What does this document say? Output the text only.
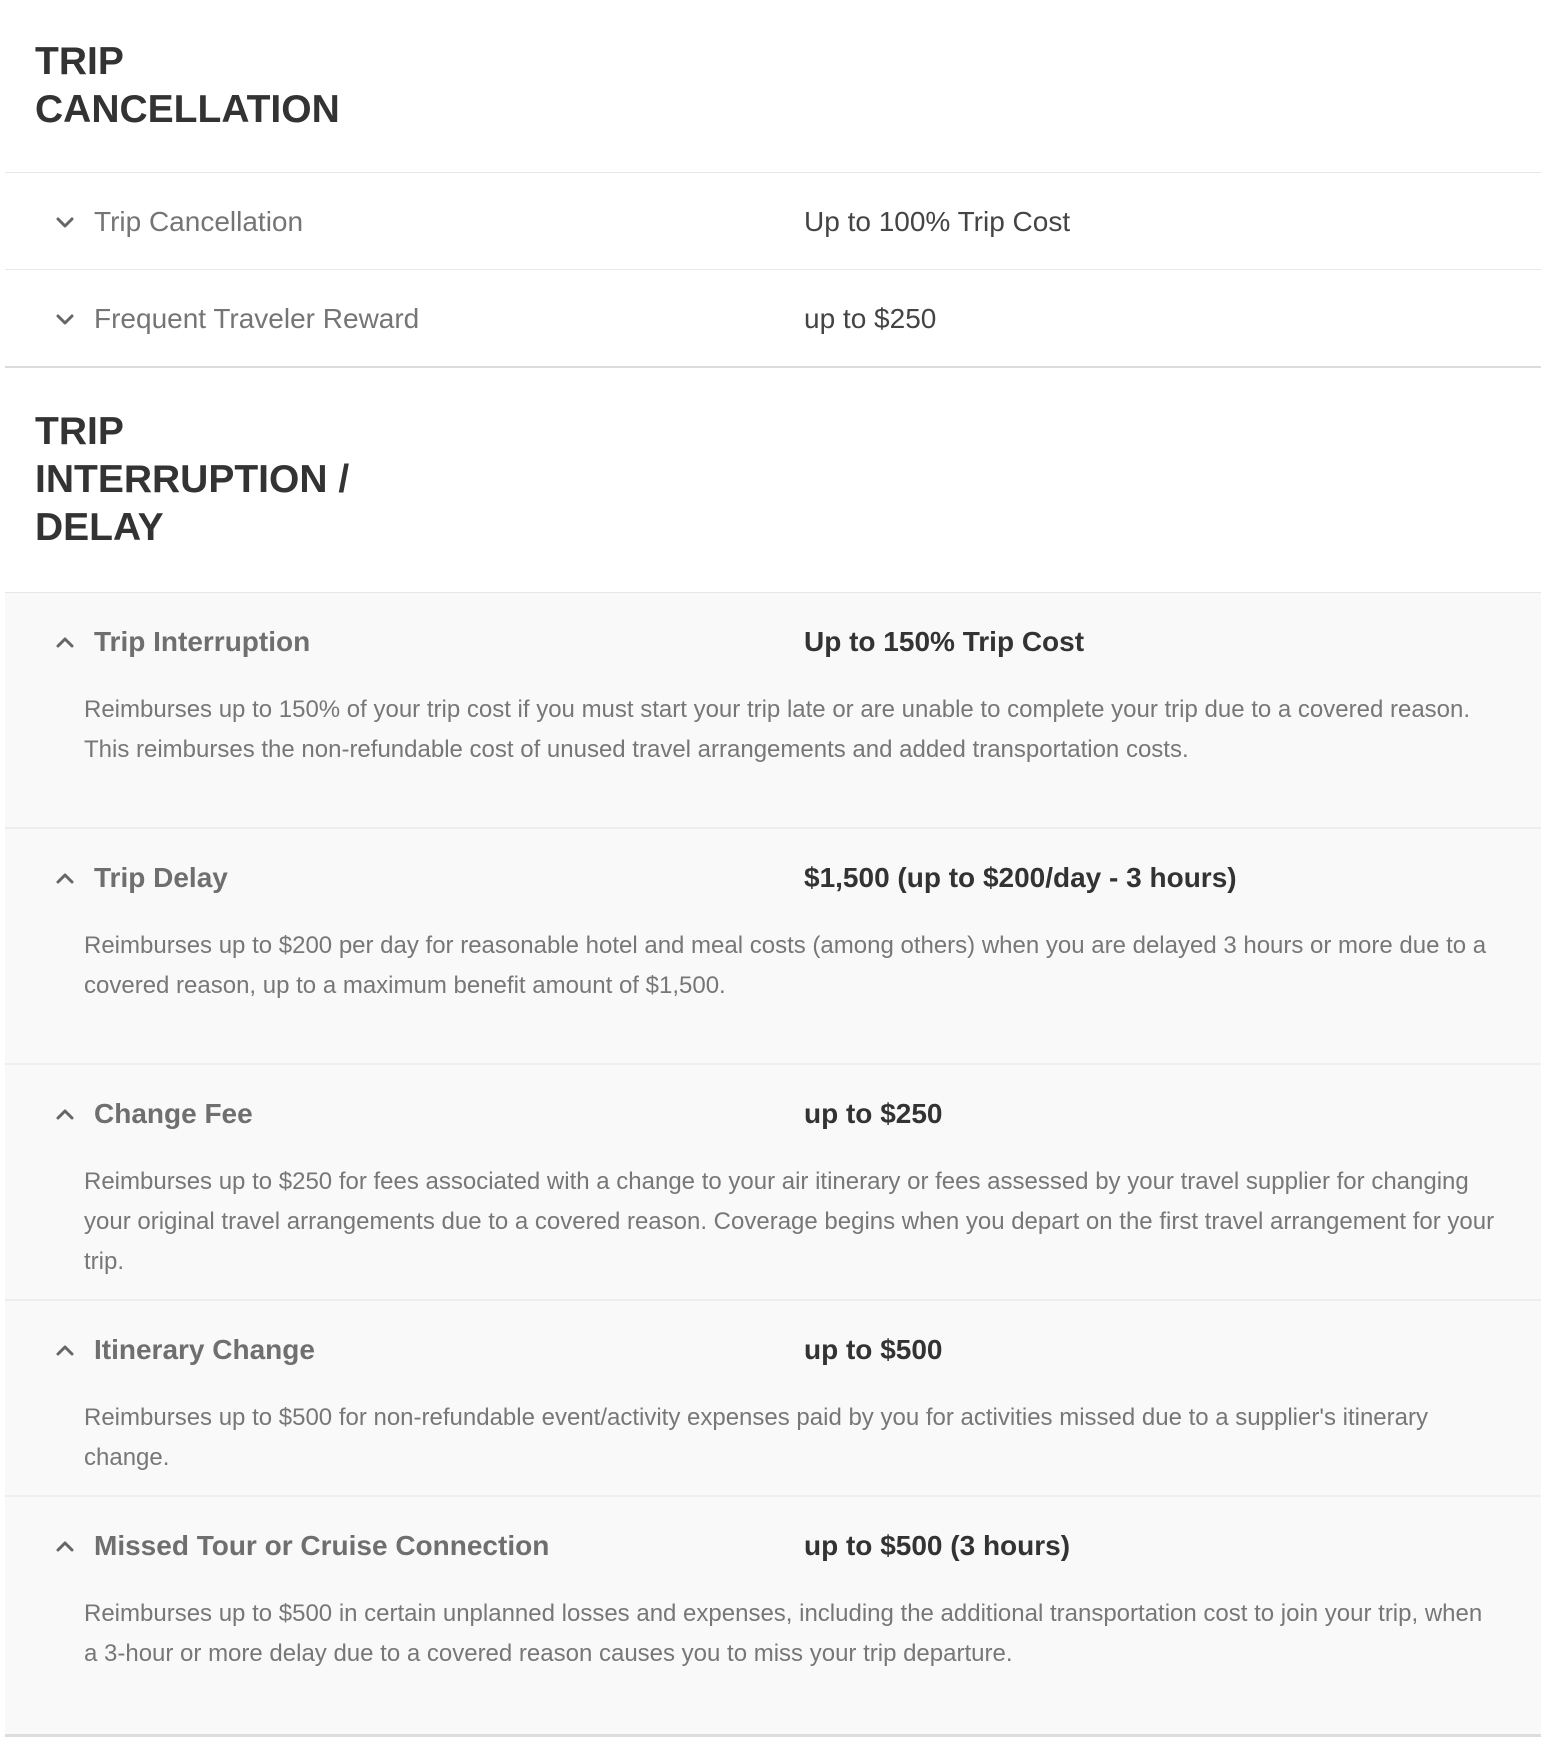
TRIP
CANCELLATION
Trip Cancellation	Up to 100% Trip Cost
Frequent Traveler Reward	up to $250
TRIP
INTERRUPTION /
DELAY
Trip Interruption	Up to 150% Trip Cost
Reimburses up to 150% of your trip cost if you must start your trip late or are unable to complete your trip due to a covered reason. This reimburses the non-refundable cost of unused travel arrangements and added transportation costs.
Trip Delay	$1,500 (up to $200/day - 3 hours)
Reimburses up to $200 per day for reasonable hotel and meal costs (among others) when you are delayed 3 hours or more due to a covered reason, up to a maximum benefit amount of $1,500.
Change Fee	up to $250
Reimburses up to $250 for fees associated with a change to your air itinerary or fees assessed by your travel supplier for changing your original travel arrangements due to a covered reason. Coverage begins when you depart on the first travel arrangement for your trip.
Itinerary Change	up to $500
Reimburses up to $500 for non-refundable event/activity expenses paid by you for activities missed due to a supplier's itinerary change.
Missed Tour or Cruise Connection	up to $500 (3 hours)
Reimburses up to $500 in certain unplanned losses and expenses, including the additional transportation cost to join your trip, when a 3-hour or more delay due to a covered reason causes you to miss your trip departure.
